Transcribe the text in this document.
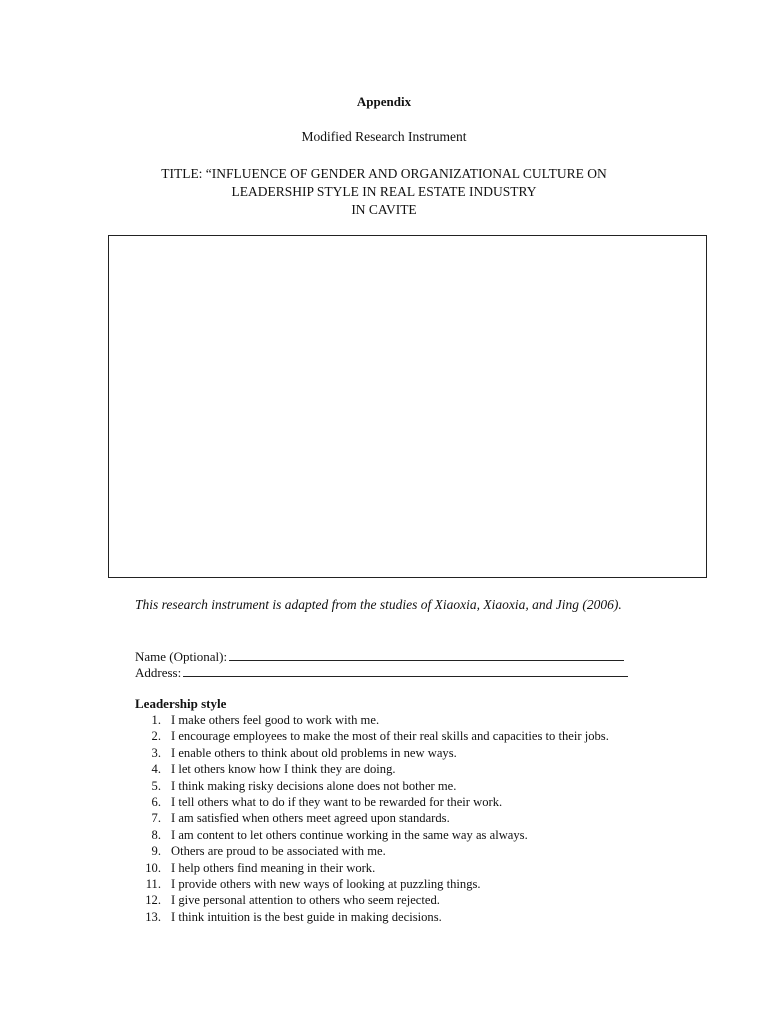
Appendix
Modified Research Instrument
TITLE: “INFLUENCE OF GENDER AND ORGANIZATIONAL CULTURE ON
LEADERSHIP STYLE IN REAL ESTATE INDUSTRY
IN CAVITE
This research instrument is adapted from the studies of Xiaoxia, Xiaoxia, and Jing (2006).
Name (Optional):
Address:
Leadership style
1. I make others feel good to work with me.
2. I encourage employees to make the most of their real skills and capacities to their jobs.
3. I enable others to think about old problems in new ways.
4. I let others know how I think they are doing.
5. I think making risky decisions alone does not bother me.
6. I tell others what to do if they want to be rewarded for their work.
7. I am satisfied when others meet agreed upon standards.
8. I am content to let others continue working in the same way as always.
9. Others are proud to be associated with me.
10. I help others find meaning in their work.
11. I provide others with new ways of looking at puzzling things.
12. I give personal attention to others who seem rejected.
13. I think intuition is the best guide in making decisions.
